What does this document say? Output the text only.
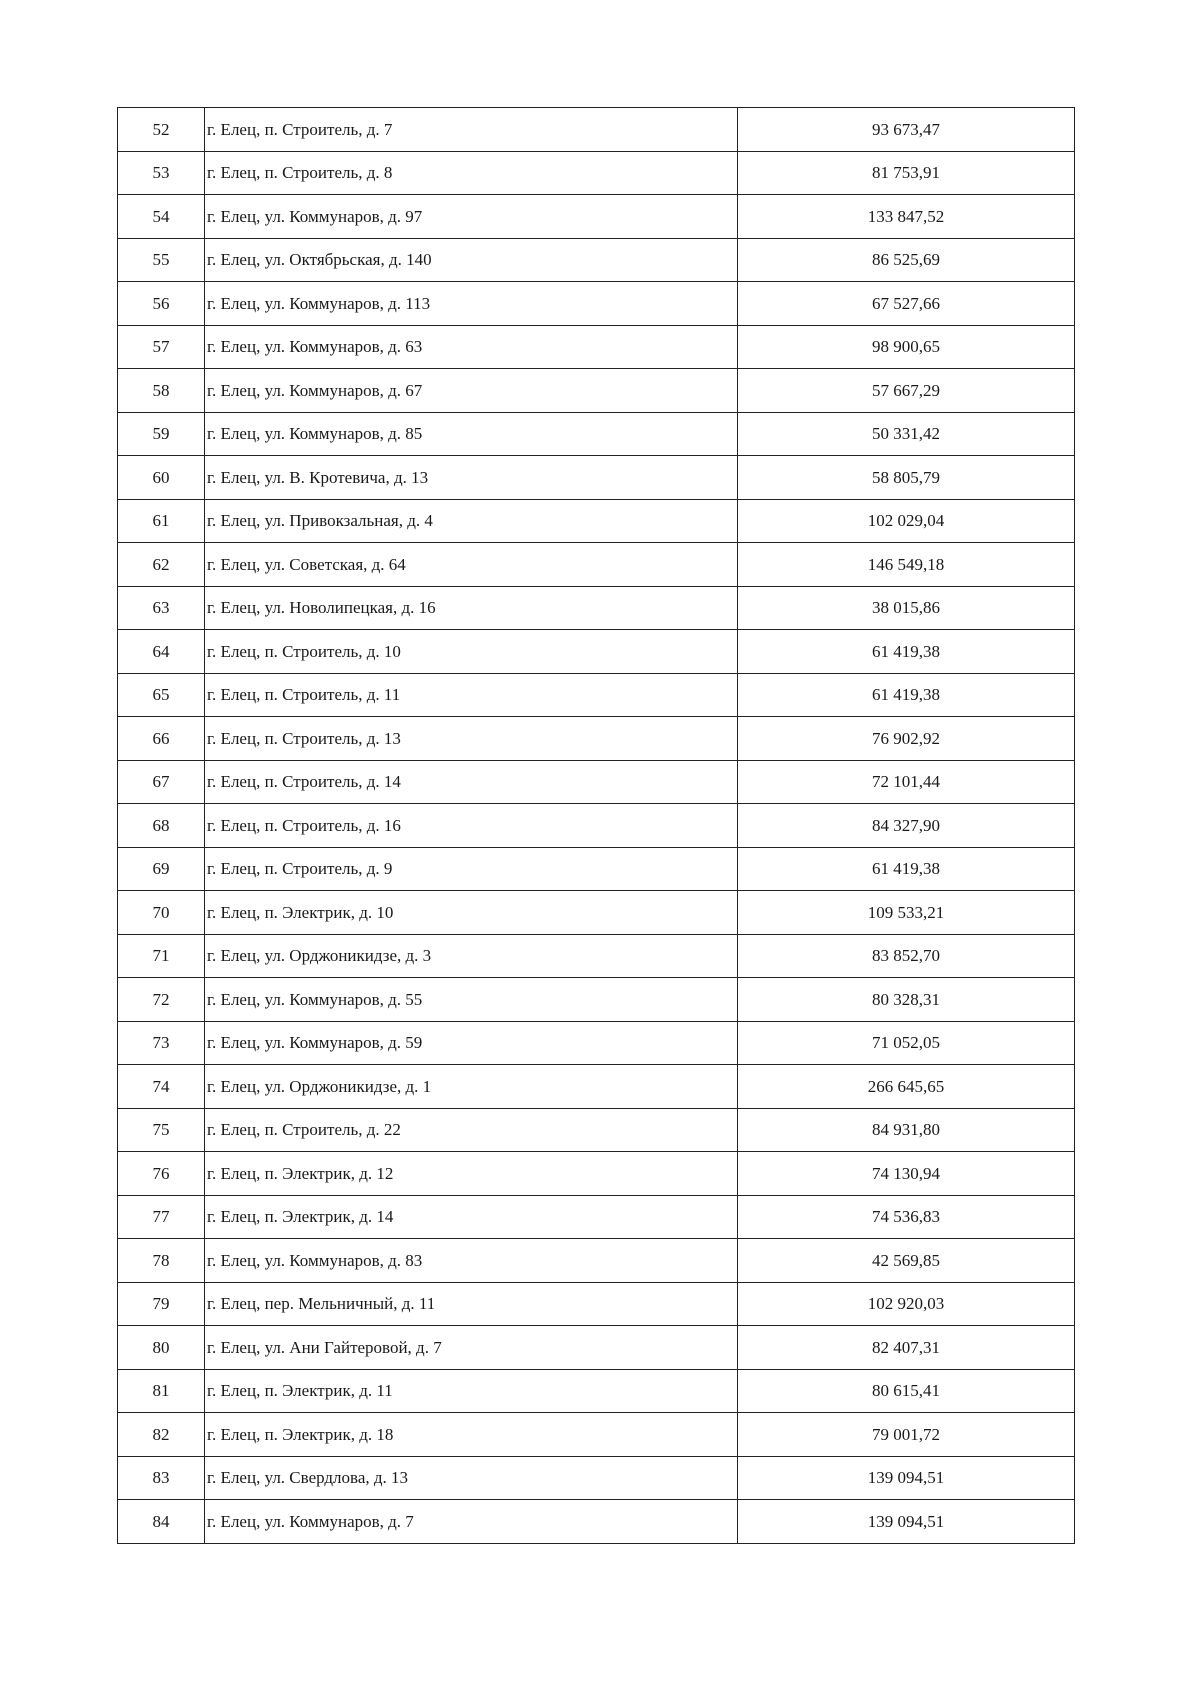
52	г. Елец, п. Строитель, д. 7	93 673,47
53	г. Елец, п. Строитель, д. 8	81 753,91
54	г. Елец, ул. Коммунаров, д. 97	133 847,52
55	г. Елец, ул. Октябрьская, д. 140	86 525,69
56	г. Елец, ул. Коммунаров, д. 113	67 527,66
57	г. Елец, ул. Коммунаров, д. 63	98 900,65
58	г. Елец, ул. Коммунаров, д. 67	57 667,29
59	г. Елец, ул. Коммунаров, д. 85	50 331,42
60	г. Елец, ул. В. Кротевича, д. 13	58 805,79
61	г. Елец, ул. Привокзальная, д. 4	102 029,04
62	г. Елец, ул. Советская, д. 64	146 549,18
63	г. Елец, ул. Новолипецкая, д. 16	38 015,86
64	г. Елец, п. Строитель, д. 10	61 419,38
65	г. Елец, п. Строитель, д. 11	61 419,38
66	г. Елец, п. Строитель, д. 13	76 902,92
67	г. Елец, п. Строитель, д. 14	72 101,44
68	г. Елец, п. Строитель, д. 16	84 327,90
69	г. Елец, п. Строитель, д. 9	61 419,38
70	г. Елец, п. Электрик, д. 10	109 533,21
71	г. Елец, ул. Орджоникидзе, д. 3	83 852,70
72	г. Елец, ул. Коммунаров, д. 55	80 328,31
73	г. Елец, ул. Коммунаров, д. 59	71 052,05
74	г. Елец, ул. Орджоникидзе, д. 1	266 645,65
75	г. Елец, п. Строитель, д. 22	84 931,80
76	г. Елец, п. Электрик, д. 12	74 130,94
77	г. Елец, п. Электрик, д. 14	74 536,83
78	г. Елец, ул. Коммунаров, д. 83	42 569,85
79	г. Елец, пер. Мельничный, д. 11	102 920,03
80	г. Елец, ул. Ани Гайтеровой, д. 7	82 407,31
81	г. Елец, п. Электрик, д. 11	80 615,41
82	г. Елец, п. Электрик, д. 18	79 001,72
83	г. Елец, ул. Свердлова, д. 13	139 094,51
84	г. Елец, ул. Коммунаров, д. 7	139 094,51
